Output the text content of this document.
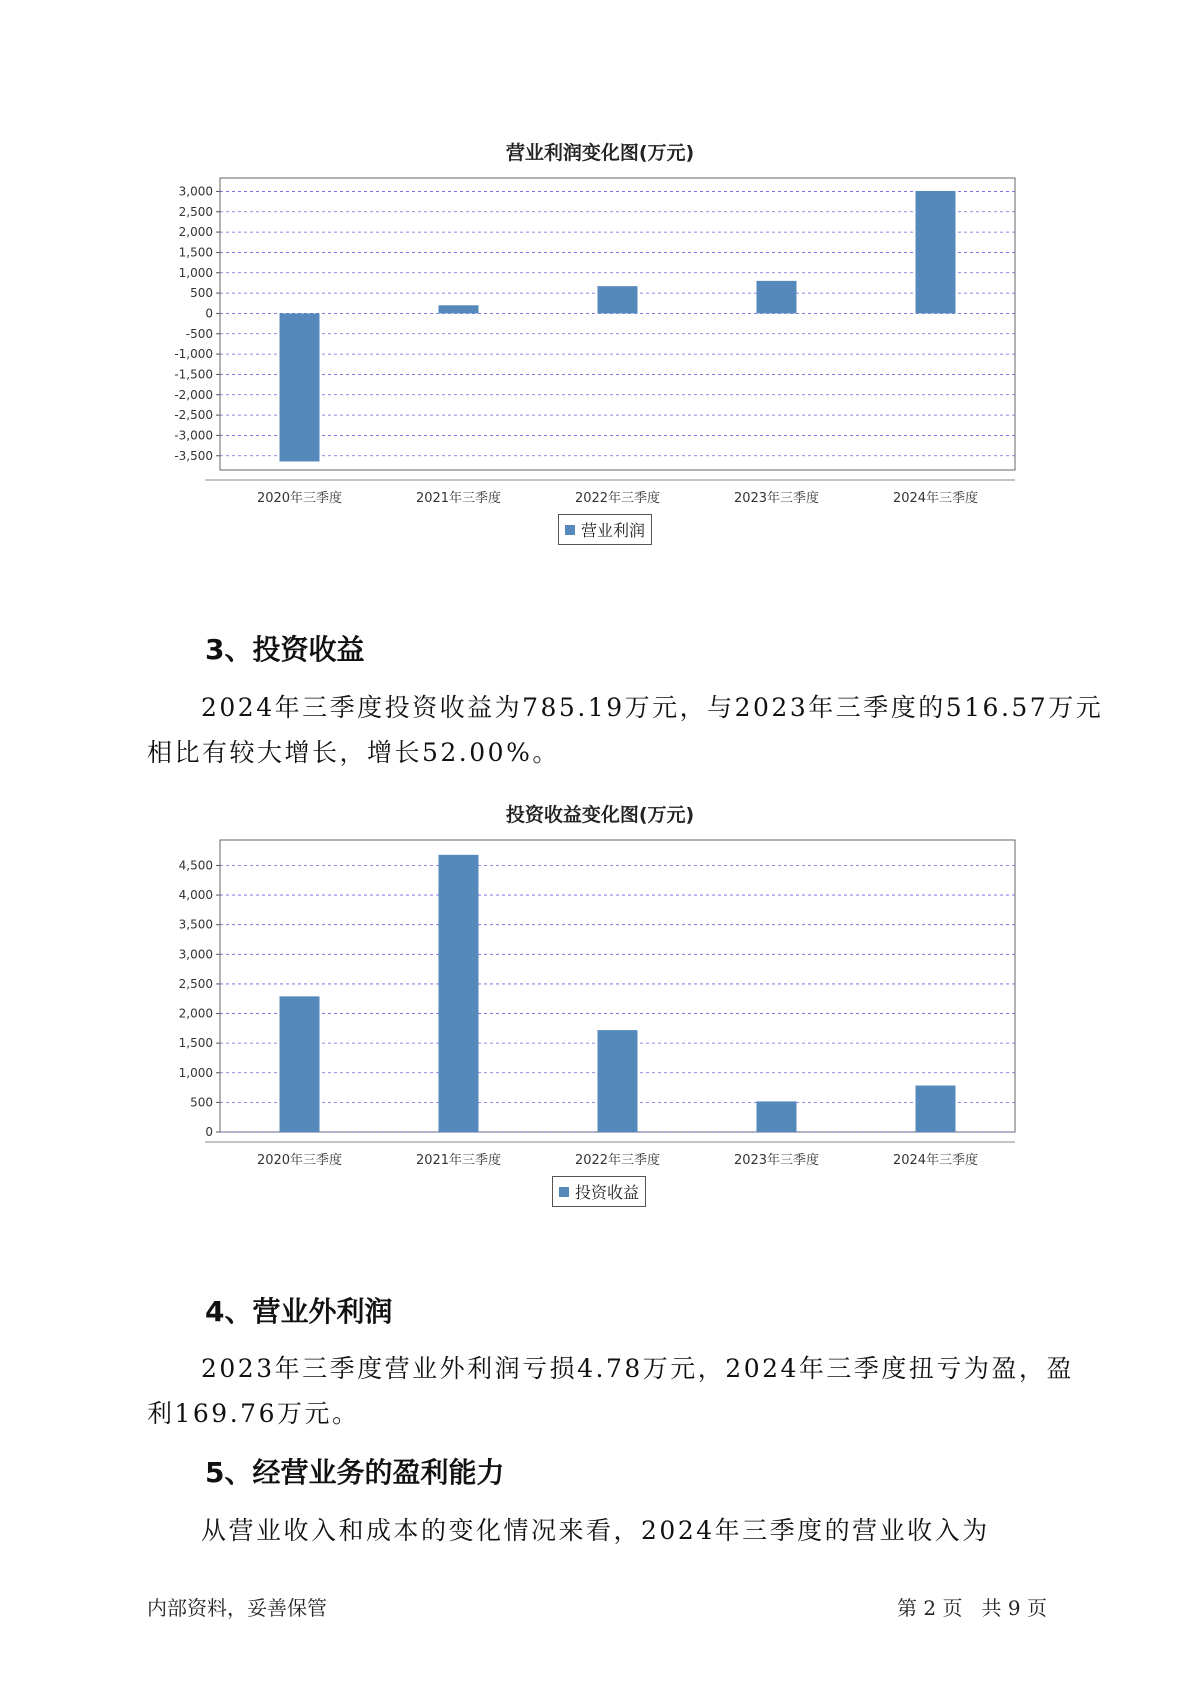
营业利润变化图(万元)
3,000
2,500
2,000
1,500
1,000
500
0
-500
-1,000
-1,500
-2,000
-2,500
-3,000
-3,500
2020年三季度	2021年三季度	2022年三季度	2023年三季度	2024年三季度
营业利润
3、投资收益
2024年三季度投资收益为785.19万元，与2023年三季度的516.57万元
相比有较大增长，增长52.00%。
投资收益变化图(万元)
4,500
4,000
3,500
3,000
2,500
2,000
1,500
1,000
500
0
2020年三季度	2021年三季度	2022年三季度	2023年三季度	2024年三季度
投资收益
4、营业外利润
2023年三季度营业外利润亏损4.78万元，2024年三季度扭亏为盈，盈
利169.76万元。
5、经营业务的盈利能力
从营业收入和成本的变化情况来看，2024年三季度的营业收入为
内部资料，妥善保管	第 2 页   共 9 页
